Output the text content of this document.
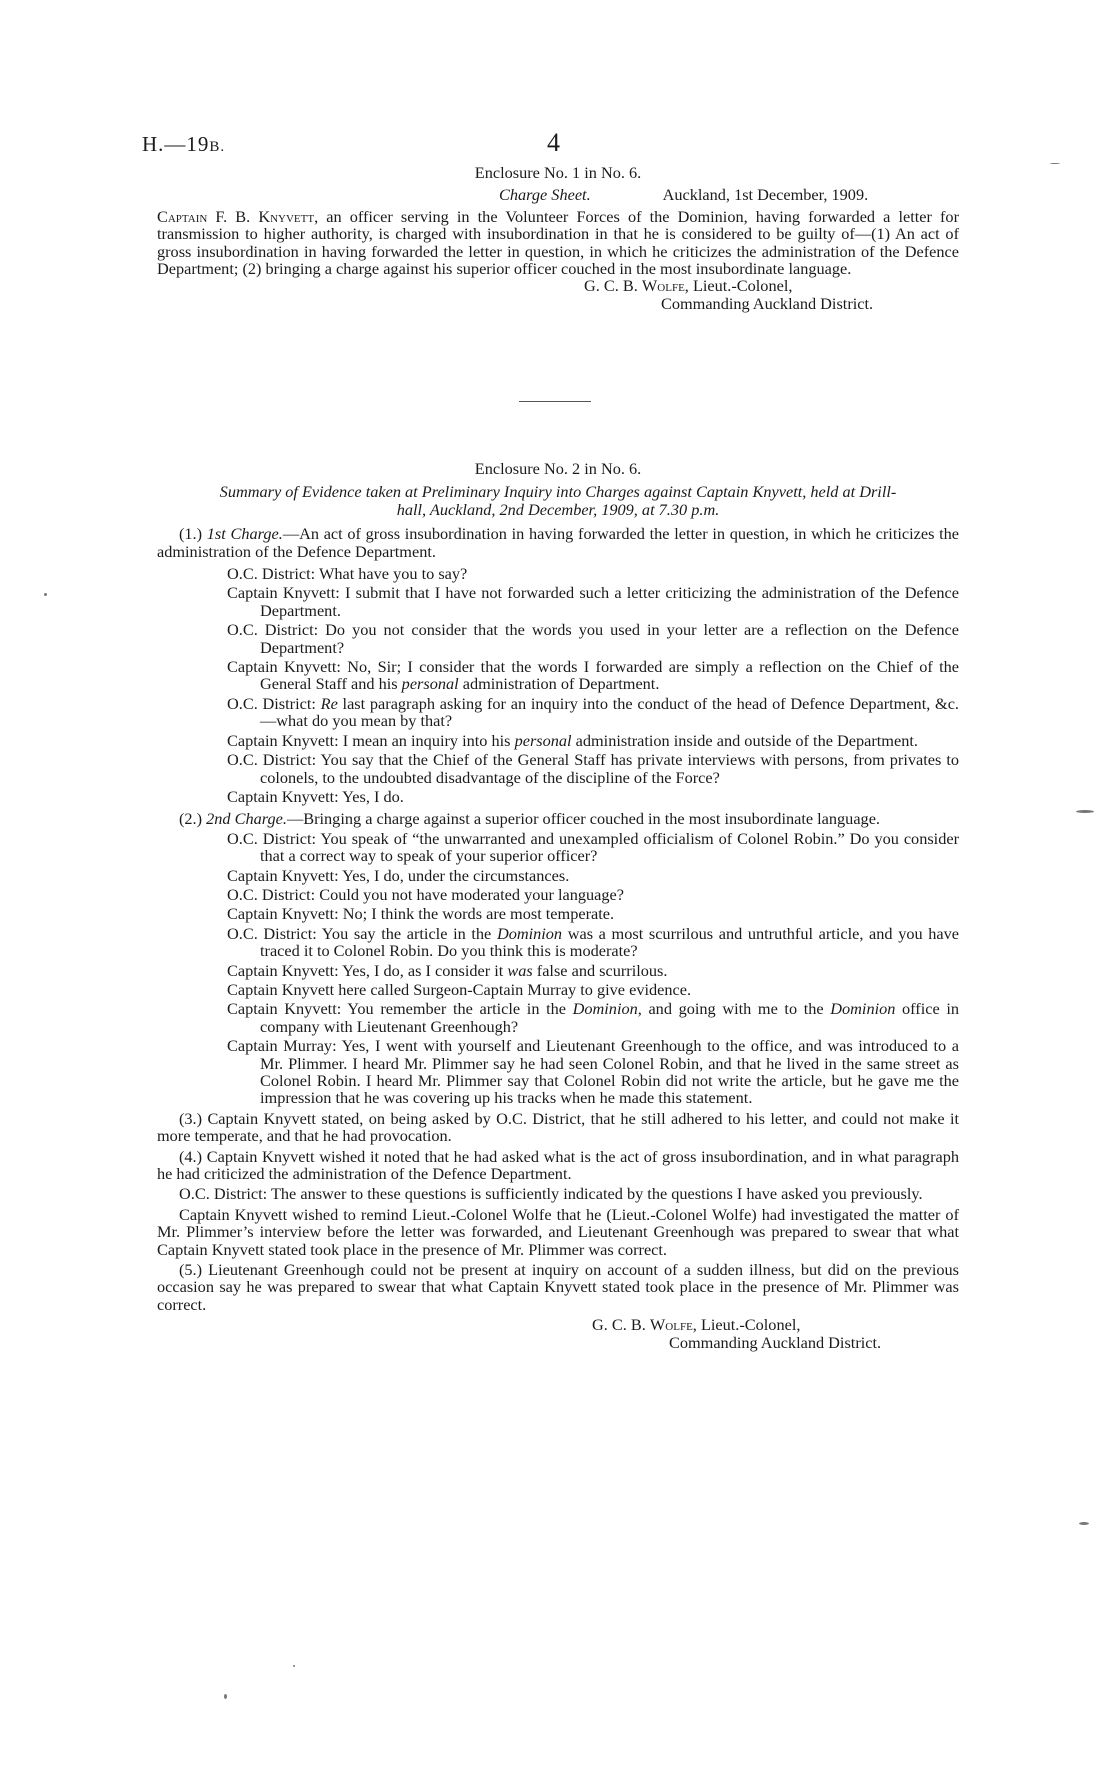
H.—19B.	4
Enclosure No. 1 in No. 6.
Charge Sheet.	Auckland, 1st December, 1909.
Captain F. B. Knyvett, an officer serving in the Volunteer Forces of the Dominion, having forwarded a letter for transmission to higher authority, is charged with insubordination in that he is considered to be guilty of—(1) An act of gross insubordination in having forwarded the letter in question, in which he criticizes the administration of the Defence Department; (2) bringing a charge against his superior officer couched in the most insubordinate language.
G. C. B. Wolfe, Lieut.-Colonel,
Commanding Auckland District.
Enclosure No. 2 in No. 6.
Summary of Evidence taken at Preliminary Inquiry into Charges against Captain Knyvett, held at Drill-
hall, Auckland, 2nd December, 1909, at 7.30 p.m.
(1.) 1st Charge.—An act of gross insubordination in having forwarded the letter in question, in which he criticizes the administration of the Defence Department.
O.C. District: What have you to say?
Captain Knyvett: I submit that I have not forwarded such a letter criticizing the administration of the Defence Department.
O.C. District: Do you not consider that the words you used in your letter are a reflection on the Defence Department?
Captain Knyvett: No, Sir; I consider that the words I forwarded are simply a reflection on the Chief of the General Staff and his personal administration of Department.
O.C. District: Re last paragraph asking for an inquiry into the conduct of the head of Defence Department, &c.—what do you mean by that?
Captain Knyvett: I mean an inquiry into his personal administration inside and outside of the Department.
O.C. District: You say that the Chief of the General Staff has private interviews with persons, from privates to colonels, to the undoubted disadvantage of the discipline of the Force?
Captain Knyvett: Yes, I do.
(2.) 2nd Charge.—Bringing a charge against a superior officer couched in the most insubordinate language.
O.C. District: You speak of “the unwarranted and unexampled officialism of Colonel Robin.” Do you consider that a correct way to speak of your superior officer?
Captain Knyvett: Yes, I do, under the circumstances.
O.C. District: Could you not have moderated your language?
Captain Knyvett: No; I think the words are most temperate.
O.C. District: You say the article in the Dominion was a most scurrilous and untruthful article, and you have traced it to Colonel Robin. Do you think this is moderate?
Captain Knyvett: Yes, I do, as I consider it was false and scurrilous.
Captain Knyvett here called Surgeon-Captain Murray to give evidence.
Captain Knyvett: You remember the article in the Dominion, and going with me to the Dominion office in company with Lieutenant Greenhough?
Captain Murray: Yes, I went with yourself and Lieutenant Greenhough to the office, and was introduced to a Mr. Plimmer. I heard Mr. Plimmer say he had seen Colonel Robin, and that he lived in the same street as Colonel Robin. I heard Mr. Plimmer say that Colonel Robin did not write the article, but he gave me the impression that he was covering up his tracks when he made this statement.
(3.) Captain Knyvett stated, on being asked by O.C. District, that he still adhered to his letter, and could not make it more temperate, and that he had provocation.
(4.) Captain Knyvett wished it noted that he had asked what is the act of gross insubordination, and in what paragraph he had criticized the administration of the Defence Department.
O.C. District: The answer to these questions is sufficiently indicated by the questions I have asked you previously.
Captain Knyvett wished to remind Lieut.-Colonel Wolfe that he (Lieut.-Colonel Wolfe) had investigated the matter of Mr. Plimmer’s interview before the letter was forwarded, and Lieutenant Greenhough was prepared to swear that what Captain Knyvett stated took place in the presence of Mr. Plimmer was correct.
(5.) Lieutenant Greenhough could not be present at inquiry on account of a sudden illness, but did on the previous occasion say he was prepared to swear that what Captain Knyvett stated took place in the presence of Mr. Plimmer was correct.
G. C. B. Wolfe, Lieut.-Colonel,
Commanding Auckland District.
